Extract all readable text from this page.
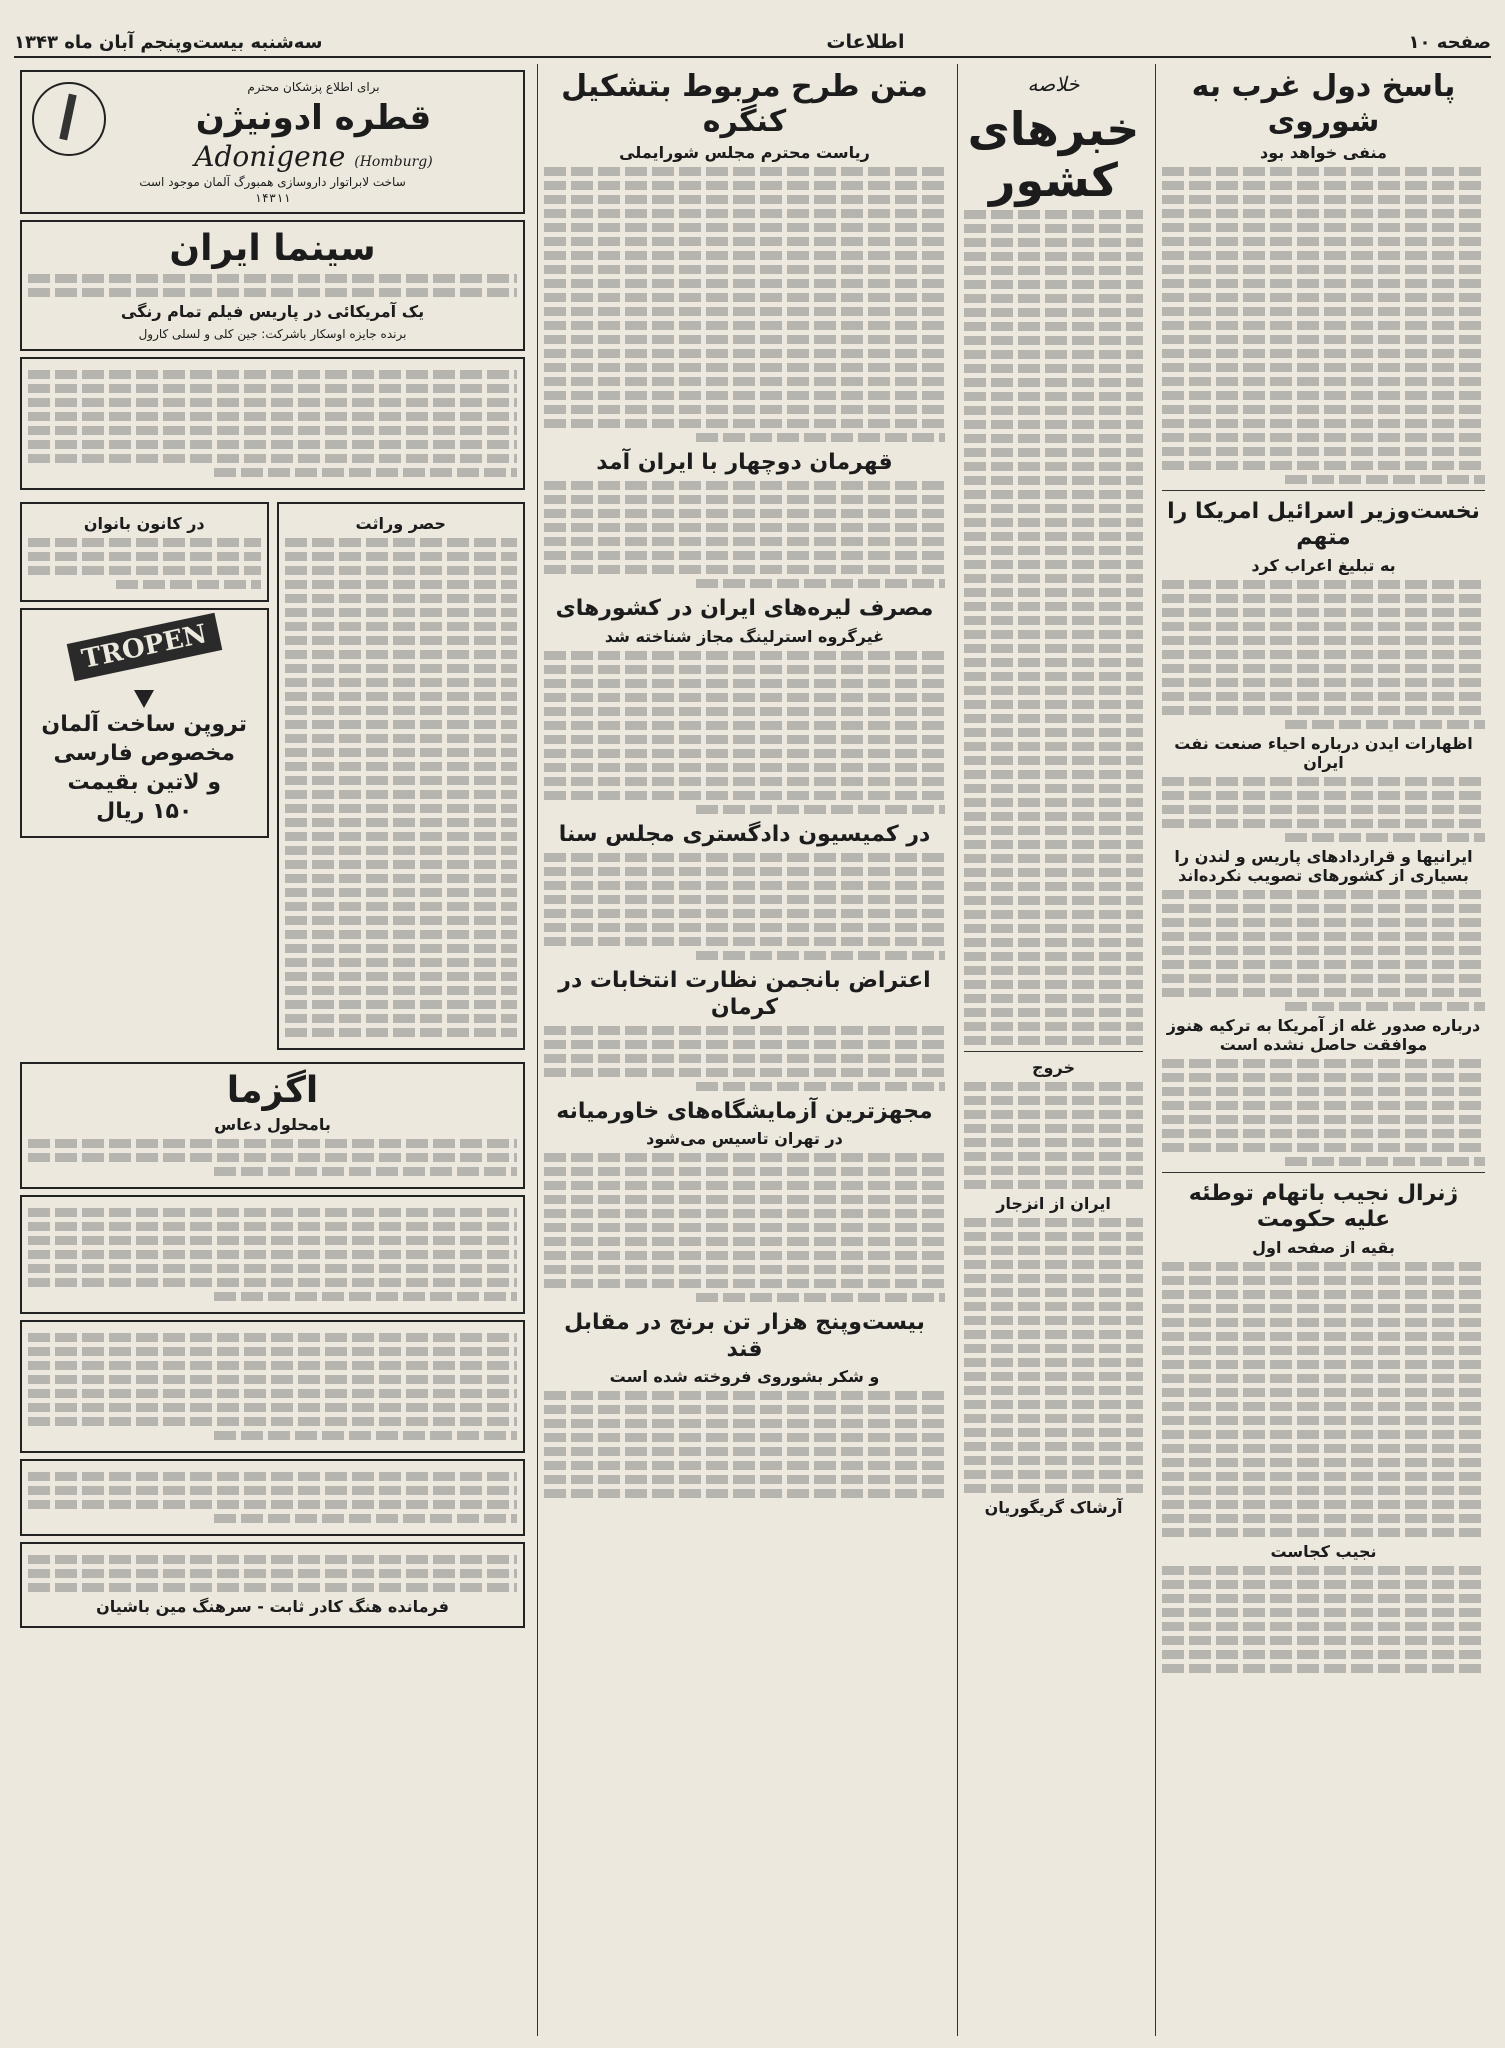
صفحه ۱۰
اطلاعات
سه‌شنبه بیست‌وپنجم آبان ماه ۱۳۴۳
پاسخ دول غرب به شوروی
منفی خواهد بود
نخست‌وزیر اسرائیل امریکا را متهم
به تبلیغ اعراب کرد
اظهارات ایدن درباره احیاء صنعت نفت ایران
ایرانیها و قراردادهای پاریس و لندن را بسیاری از کشورهای تصویب نکرده‌اند
درباره صدور غله از آمریکا به ترکیه هنوز موافقت حاصل نشده است
ژنرال نجیب باتهام توطئه علیه حکومت
بقیه از صفحه اول
نجیب کجاست
خلاصه
خبرهای کشور
خروج
ایران از انزجار
آرشاک گریگوریان
متن طرح مربوط بتشکیل کنگره
ریاست محترم مجلس شورایملی
قهرمان دوچهار با ایران آمد
مصرف لیره‌های ایران در کشورهای
غیرگروه استرلینگ مجاز شناخته شد
در کمیسیون دادگستری مجلس سنا
اعتراض بانجمن نظارت انتخابات در کرمان
مجهزترین آزمایشگاه‌های خاورمیانه
در تهران تاسیس می‌شود
بیست‌وپنج هزار تن برنج در مقابل قند
و شکر بشوروی فروخته شده است
برای اطلاع پزشکان محترم
قطره ادونیژن
Adonigene (Homburg)
ساخت لابراتوار داروسازی همبورگ آلمان موجود است
۱۴۳۱۱
سینما ایران
یک آمریکائی در پاریس فیلم تمام رنگی
برنده جایزه اوسکار باشرکت: جین کلی و لسلی کارول
حصر وراثت
در کانون بانوان
TROPEN
تروپن ساخت آلمان
مخصوص فارسی
و لاتین بقیمت
۱۵۰ ریال
اگزما
بامحلول دعاس
فرمانده هنگ کادر ثابت - سرهنگ مین باشیان
